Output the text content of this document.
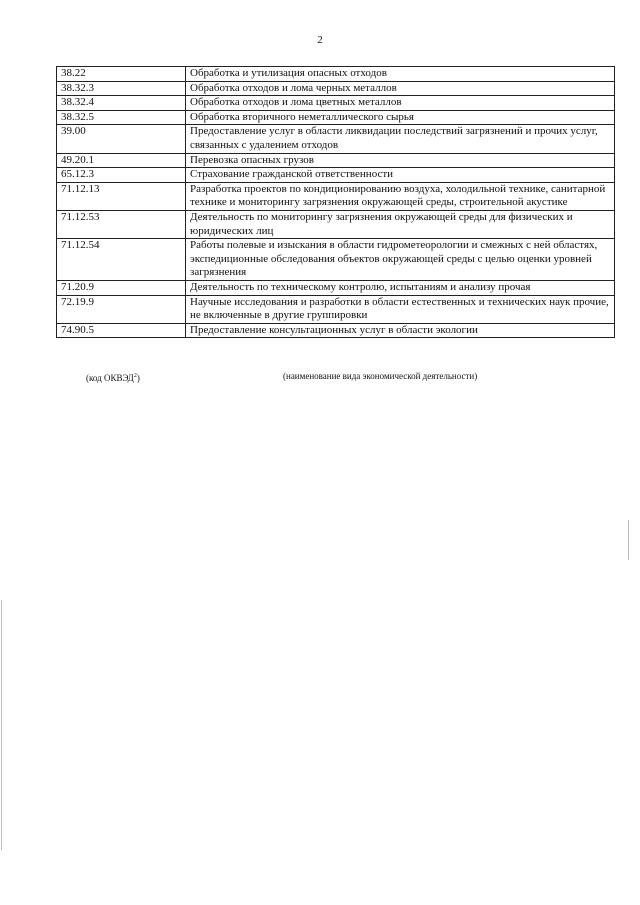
2
38.22	Обработка и утилизация опасных отходов
38.32.3	Обработка отходов и лома черных металлов
38.32.4	Обработка отходов и лома цветных металлов
38.32.5	Обработка вторичного неметаллического сырья
39.00	Предоставление услуг в области ликвидации последствий загрязнений и прочих услуг, связанных с удалением отходов
49.20.1	Перевозка опасных грузов
65.12.3	Страхование гражданской ответственности
71.12.13	Разработка проектов по кондиционированию воздуха, холодильной технике, санитарной технике и мониторингу загрязнения окружающей среды, строительной акустике
71.12.53	Деятельность по мониторингу загрязнения окружающей среды для физических и юридических лиц
71.12.54	Работы полевые и изыскания в области гидрометеорологии и смежных с ней областях, экспедиционные обследования объектов окружающей среды с целью оценки уровней загрязнения
71.20.9	Деятельность по техническому контролю, испытаниям и анализу прочая
72.19.9	Научные исследования и разработки в области естественных и технических наук прочие, не включенные в другие группировки
74.90.5	Предоставление консультационных услуг в области экологии
(код ОКВЭД$^2$)	(наименование вида экономической деятельности)
